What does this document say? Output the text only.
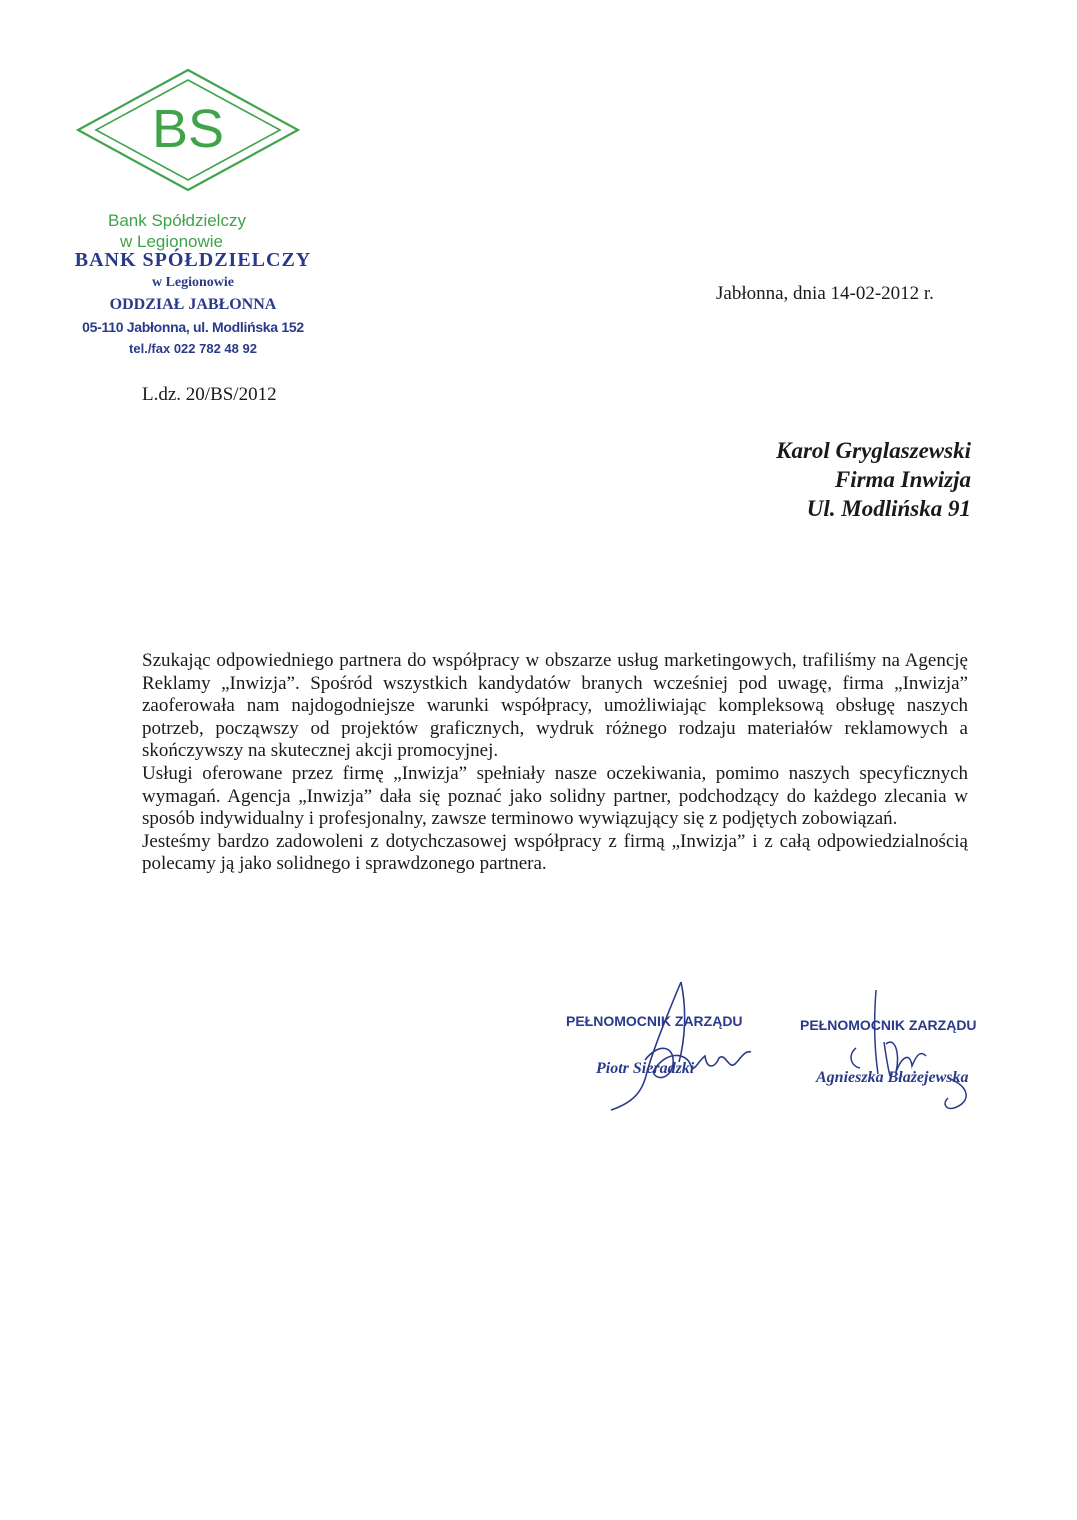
BS
Bank Spółdzielczy
w Legionowie
BANK SPÓŁDZIELCZY
w Legionowie
ODDZIAŁ JABŁONNA
05-110 Jabłonna, ul. Modlińska 152
tel./fax 022 782 48 92
L.dz. 20/BS/2012
Jabłonna, dnia 14-02-2012 r.
Karol Gryglaszewski
Firma Inwizja
Ul. Modlińska 91

Szukając odpowiedniego partnera do współpracy w obszarze usług marketingowych, trafiliśmy na Agencję Reklamy „Inwizja”. Spośród wszystkich kandydatów branych wcześniej pod uwagę, firma „Inwizja” zaoferowała nam najdogodniejsze warunki współpracy, umożliwiając kompleksową obsługę naszych potrzeb, począwszy od projektów graficznych, wydruk różnego rodzaju materiałów reklamowych a skończywszy na skutecznej akcji promocyjnej.

Usługi oferowane przez firmę „Inwizja” spełniały nasze oczekiwania, pomimo naszych specyficznych wymagań. Agencja „Inwizja” dała się poznać jako solidny partner, podchodzący do każdego zlecania w sposób indywidualny i profesjonalny, zawsze terminowo wywiązujący się z podjętych zobowiązań.

Jesteśmy bardzo zadowoleni z dotychczasowej współpracy z firmą „Inwizja” i z całą odpowiedzialnością polecamy ją jako solidnego i sprawdzonego partnera.

PEŁNOMOCNIK ZARZĄDU
Piotr Sieradzki
PEŁNOMOCNIK ZARZĄDU
Agnieszka Błażejewska
